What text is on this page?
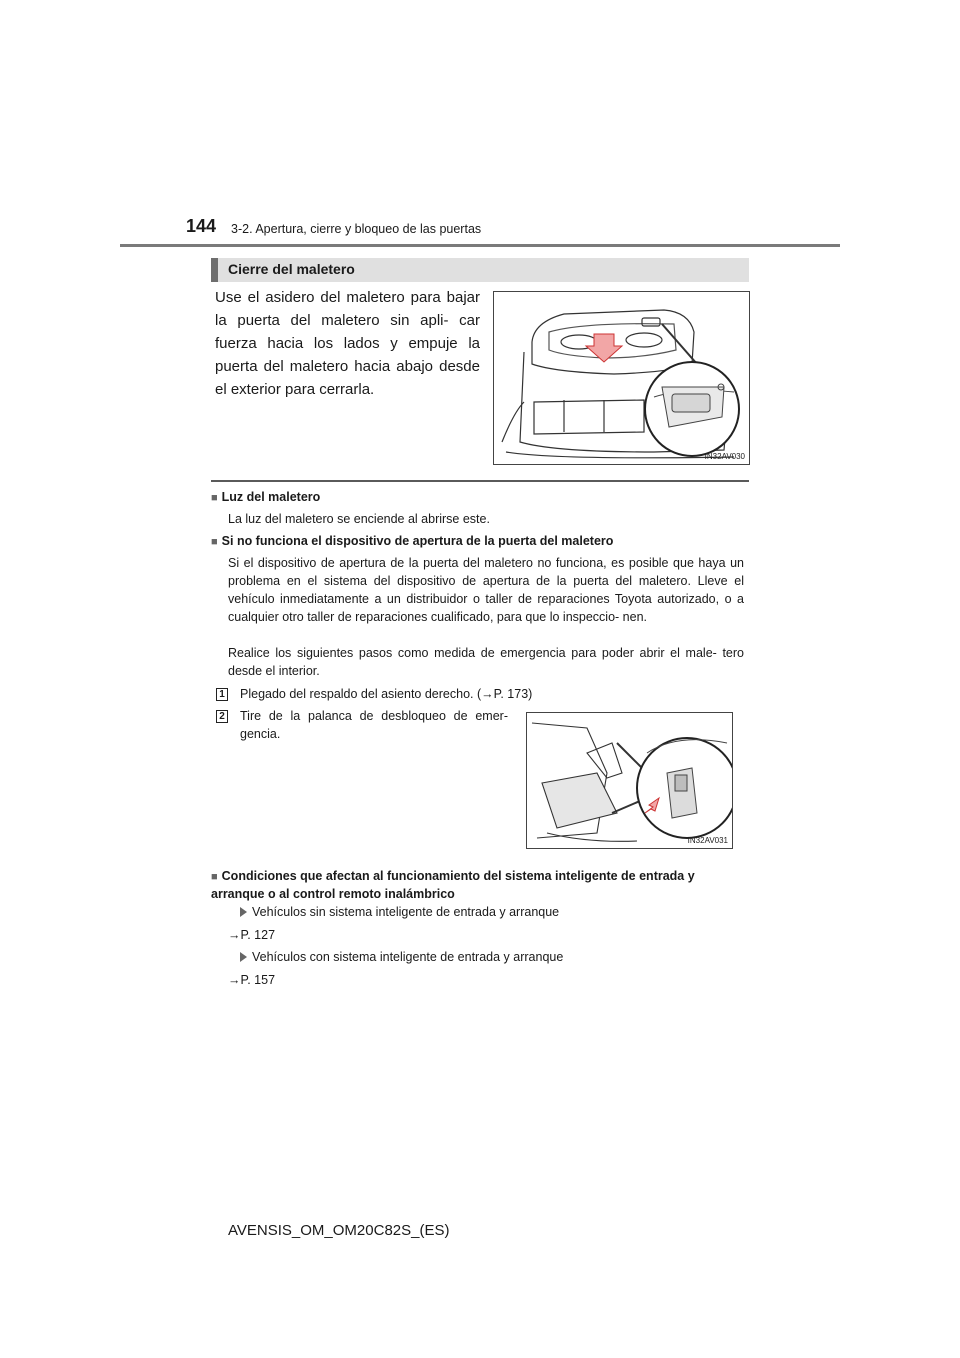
144 3-2. Apertura, cierre y bloqueo de las puertas
Cierre del maletero
Use el asidero del maletero para bajar la puerta del maletero sin apli- car fuerza hacia los lados y empuje la puerta del maletero hacia abajo desde el exterior para cerrarla.
IN32AV030
■ Luz del maletero
La luz del maletero se enciende al abrirse este.
■ Si no funciona el dispositivo de apertura de la puerta del maletero
Si el dispositivo de apertura de la puerta del maletero no funciona, es posible que haya un problema en el sistema del dispositivo de apertura de la puerta del maletero. Lleve el vehículo inmediatamente a un distribuidor o taller de reparaciones Toyota autorizado, o a cualquier otro taller de reparaciones cualificado, para que lo inspeccio- nen.
Realice los siguientes pasos como medida de emergencia para poder abrir el male- tero desde el interior.
1 Plegado del respaldo del asiento derecho. (→P. 173)
2 Tire de la palanca de desbloqueo de emer- gencia.
IN32AV031
■ Condiciones que afectan al funcionamiento del sistema inteligente de entrada y arranque o al control remoto inalámbrico
Vehículos sin sistema inteligente de entrada y arranque
→P. 127
Vehículos con sistema inteligente de entrada y arranque
→P. 157
AVENSIS_OM_OM20C82S_(ES)
